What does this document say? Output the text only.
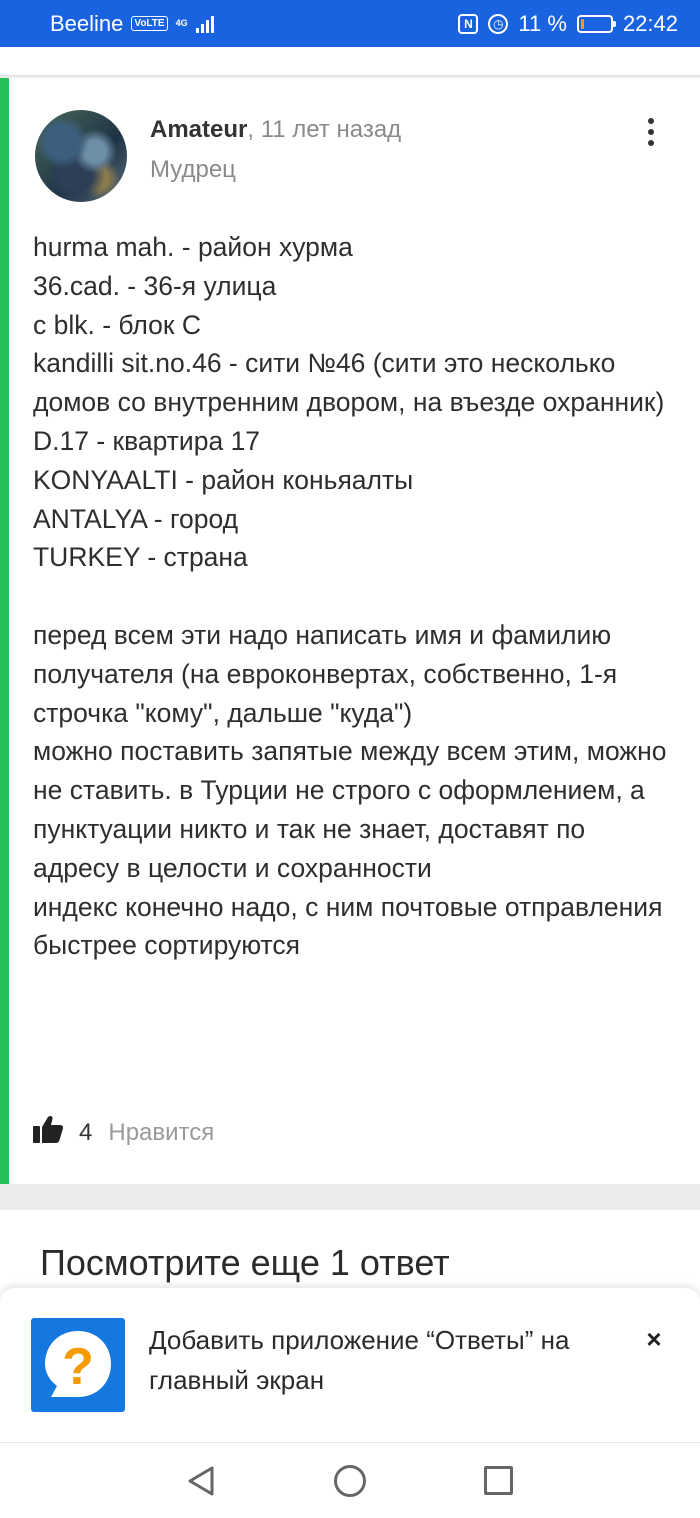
Beeline	VoLTE	4G	N	◷ 11 %	22:42
Amateur, 11 лет назад
Мудрец
hurma mah. - район хурма
36.cad. - 36-я улица
c blk. - блок С
kandilli sit.no.46 - сити №46 (сити это несколько домов со внутренним двором, на въезде охранник)
D.17 - квартира 17
KONYAALTI - район коньяалты
ANTALYA - город
TURKEY - страна

перед всем эти надо написать имя и фамилию получателя (на евроконвертах, собственно, 1-я строчка "кому", дальше "куда")
можно поставить запятые между всем этим, можно не ставить. в Турции не строго с оформлением, а пунктуации никто и так не знает, доставят по адресу в целости и сохранности
индекс конечно надо, с ним почтовые отправления быстрее сортируются
4 Нравится
Посмотрите еще 1 ответ
? Добавить приложение “Ответы” на главный экран
×
